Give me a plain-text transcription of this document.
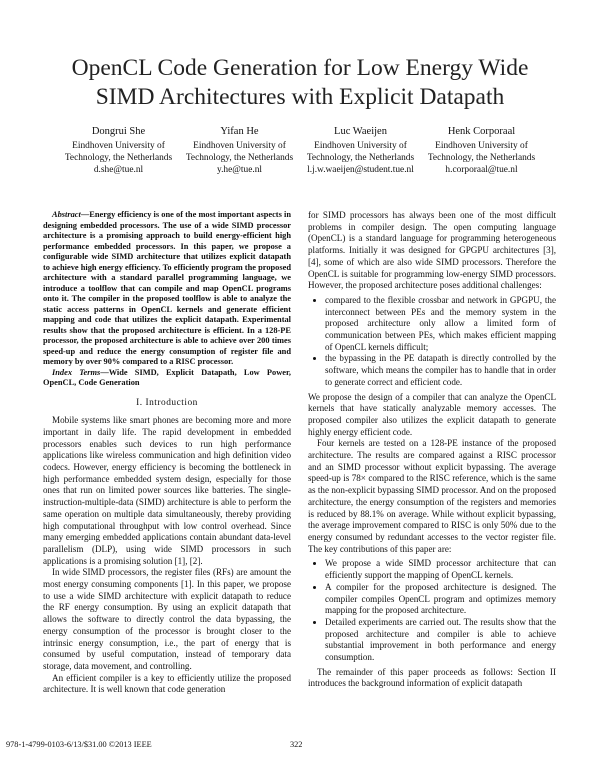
OpenCL Code Generation for Low Energy Wide
SIMD Architectures with Explicit Datapath
Dongrui She
Eindhoven University of
Technology, the Netherlands
d.she@tue.nl
Yifan He
Eindhoven University of
Technology, the Netherlands
y.he@tue.nl
Luc Waeijen
Eindhoven University of
Technology, the Netherlands
l.j.w.waeijen@student.tue.nl
Henk Corporaal
Eindhoven University of
Technology, the Netherlands
h.corporaal@tue.nl

Abstract—Energy efficiency is one of the most important aspects in designing embedded processors. The use of a wide SIMD processor architecture is a promising approach to build energy-efficient high performance embedded processors. In this paper, we propose a configurable wide SIMD architecture that utilizes explicit datapath to achieve high energy efficiency. To efficiently program the proposed architecture with a standard parallel programming language, we introduce a toolflow that can compile and map OpenCL programs onto it. The compiler in the proposed toolflow is able to analyze the static access patterns in OpenCL kernels and generate efficient mapping and code that utilizes the explicit datapath. Experimental results show that the proposed architecture is efficient. In a 128-PE processor, the proposed architecture is able to achieve over 200 times speed-up and reduce the energy consumption of register file and memory by over 90% compared to a RISC processor.

Index Terms—Wide SIMD, Explicit Datapath, Low Power, OpenCL, Code Generation

I. Introduction

Mobile systems like smart phones are becoming more and more important in daily life. The rapid development in embedded processors enables such devices to run high performance applications like wireless communication and high definition video codecs. However, energy efficiency is becoming the bottleneck in high performance embedded system design, especially for those ones that run on limited power sources like batteries. The single-instruction-multiple-data (SIMD) architecture is able to perform the same operation on multiple data simultaneously, thereby providing high computational throughput with low control overhead. Since many emerging embedded applications contain abundant data-level parallelism (DLP), using wide SIMD processors in such applications is a promising solution [1], [2].

In wide SIMD processors, the register files (RFs) are amount the most energy consuming components [1]. In this paper, we propose to use a wide SIMD architecture with explicit datapath to reduce the RF energy consumption. By using an explicit datapath that allows the software to directly control the data bypassing, the energy consumption of the processor is brought closer to the intrinsic energy consumption, i.e., the part of energy that is consumed by useful computation, instead of temporary data storage, data movement, and controlling.

An efficient compiler is a key to efficiently utilize the proposed architecture. It is well known that code generation

for SIMD processors has always been one of the most difficult problems in compiler design. The open computing language (OpenCL) is a standard language for programming heterogeneous platforms. Initially it was designed for GPGPU architectures [3], [4], some of which are also wide SIMD processors. Therefore the OpenCL is suitable for programming low-energy SIMD processors. However, the proposed architecture poses additional challenges:

• compared to the flexible crossbar and network in GPGPU, the interconnect between PEs and the memory system in the proposed architecture only allow a limited form of communication between PEs, which makes efficient mapping of OpenCL kernels difficult;
• the bypassing in the PE datapath is directly controlled by the software, which means the compiler has to handle that in order to generate correct and efficient code.

We propose the design of a compiler that can analyze the OpenCL kernels that have statically analyzable memory accesses. The proposed compiler also utilizes the explicit datapath to generate highly energy efficient code.

Four kernels are tested on a 128-PE instance of the proposed architecture. The results are compared against a RISC processor and an SIMD processor without explicit bypassing. The average speed-up is 78× compared to the RISC reference, which is the same as the non-explicit bypassing SIMD processor. And on the proposed architecture, the energy consumption of the registers and memories is reduced by 88.1% on average. While without explicit bypassing, the average improvement compared to RISC is only 50% due to the energy consumed by redundant accesses to the vector register file. The key contributions of this paper are:

• We propose a wide SIMD processor architecture that can efficiently support the mapping of OpenCL kernels.
• A compiler for the proposed architecture is designed. The compiler compiles OpenCL program and optimizes memory mapping for the proposed architecture.
• Detailed experiments are carried out. The results show that the proposed architecture and compiler is able to achieve substantial improvement in both performance and energy consumption.

The remainder of this paper proceeds as follows: Section II introduces the background information of explicit datapath

978-1-4799-0103-6/13/$31.00 ©2013 IEEE	322
